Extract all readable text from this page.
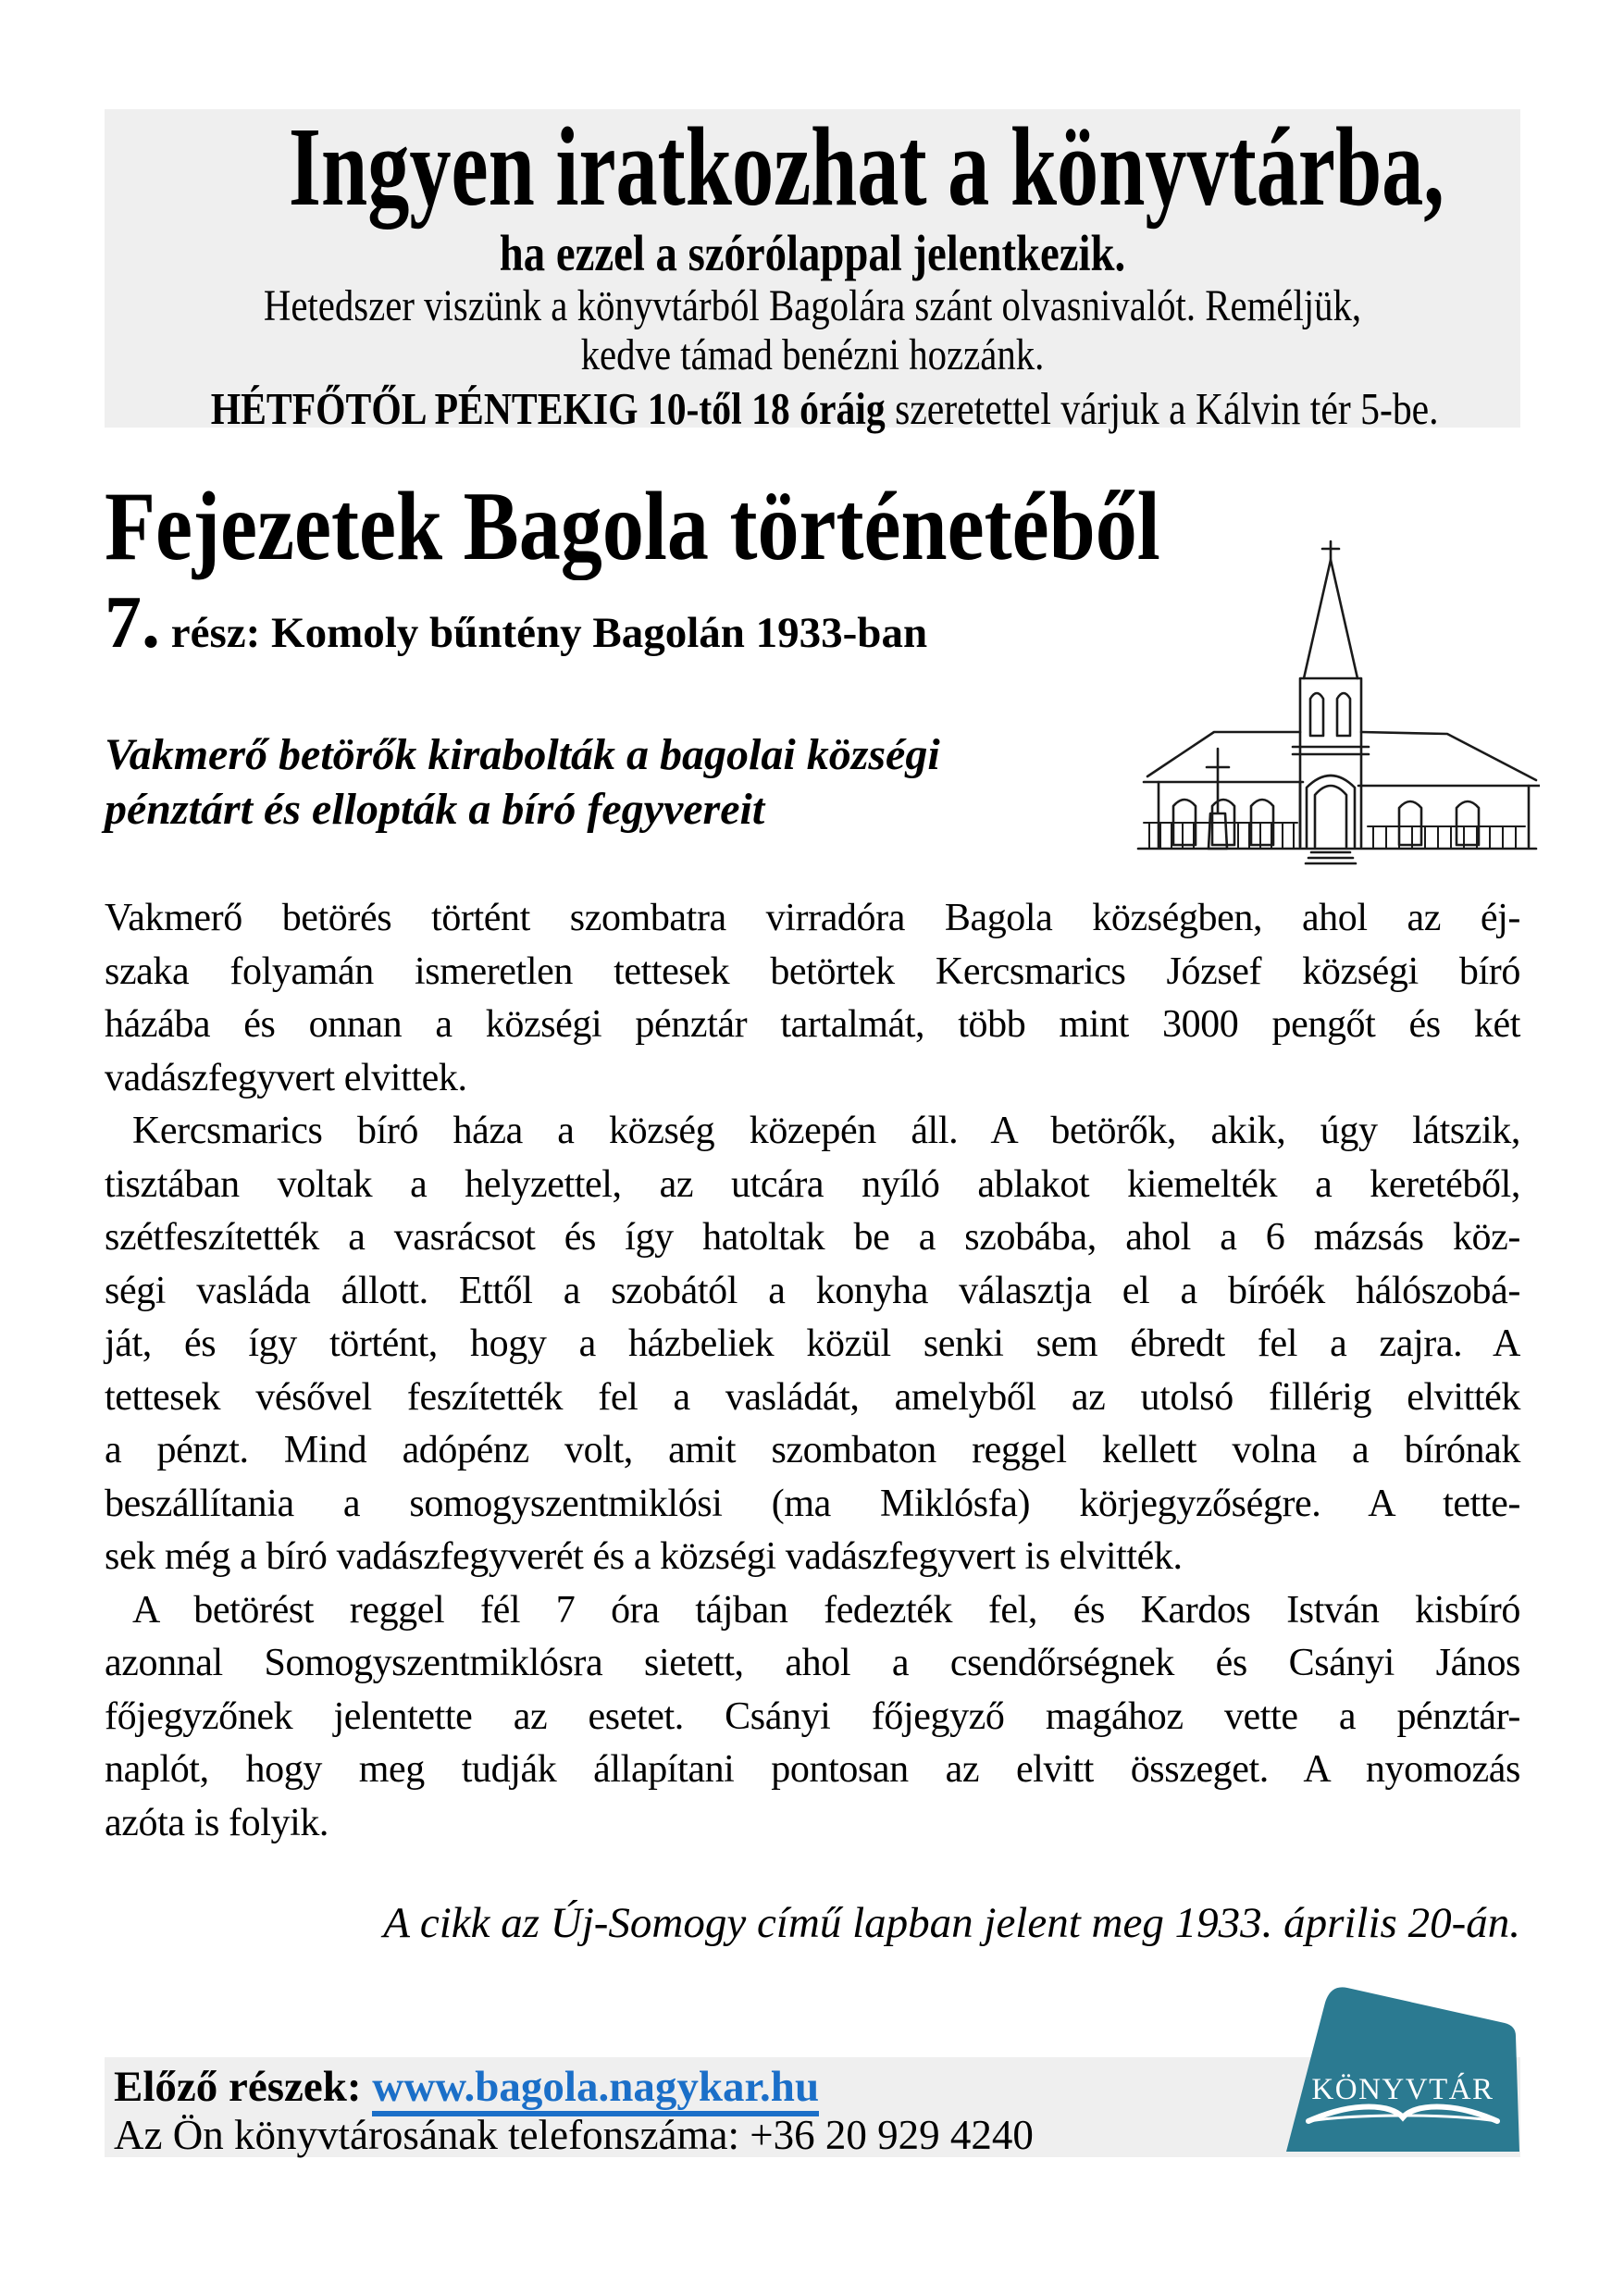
Ingyen iratkozhat a könyvtárba,
ha ezzel a szórólappal jelentkezik.
Hetedszer viszünk a könyvtárból Bagolára szánt olvasnivalót. Reméljük,
kedve támad benézni hozzánk.
HÉTFŐTŐL PÉNTEKIG 10-től 18 óráig szeretettel várjuk a Kálvin tér 5-be.
Fejezetek Bagola történetéből
7. rész: Komoly bűntény Bagolán 1933-ban
Vakmerő betörők kirabolták a bagolai községi
pénztárt és ellopták a bíró fegyvereit
Vakmerő betörés történt szombatra virradóra Bagola községben, ahol az éj-
szaka folyamán ismeretlen tettesek betörtek Kercsmarics József községi bíró
házába és onnan a községi pénztár tartalmát, több mint 3000 pengőt és két
vadászfegyvert elvittek.
Kercsmarics bíró háza a község közepén áll. A betörők, akik, úgy látszik,
tisztában voltak a helyzettel, az utcára nyíló ablakot kiemelték a keretéből,
szétfeszítették a vasrácsot és így hatoltak be a szobába, ahol a 6 mázsás köz-
ségi vasláda állott. Ettől a szobától a konyha választja el a bíróék hálószobá-
ját, és így történt, hogy a házbeliek közül senki sem ébredt fel a zajra. A
tettesek vésővel feszítették fel a vasládát, amelyből az utolsó fillérig elvitték
a pénzt. Mind adópénz volt, amit szombaton reggel kellett volna a bírónak
beszállítania a somogyszentmiklósi (ma Miklósfa) körjegyzőségre. A tette-
sek még a bíró vadászfegyverét és a községi vadászfegyvert is elvitték.
A betörést reggel fél 7 óra tájban fedezték fel, és Kardos István kisbíró
azonnal Somogyszentmiklósra sietett, ahol a csendőrségnek és Csányi János
főjegyzőnek jelentette az esetet. Csányi főjegyző magához vette a pénztár-
naplót, hogy meg tudják állapítani pontosan az elvitt összeget. A nyomozás
azóta is folyik.
A cikk az Új-Somogy című lapban jelent meg 1933. április 20-án.
Előző részek: www.bagola.nagykar.hu
Az Ön könyvtárosának telefonszáma: +36 20 929 4240
KÖNYVTÁR
